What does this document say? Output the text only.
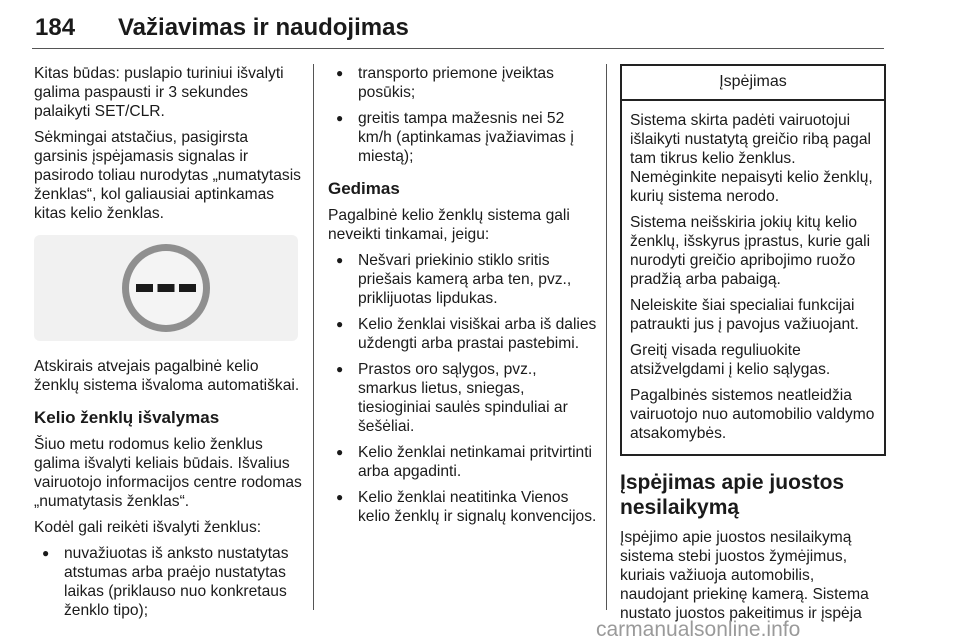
184 Važiavimas ir naudojimas

Kitas būdas: puslapio turiniui išvalyti galima paspausti ir 3 sekundes palaikyti SET/CLR.

Sėkmingai atstačius, pasigirsta garsinis įspėjamasis signalas ir pasirodo toliau nurodytas „numatytasis ženklas“, kol galiausiai aptinkamas kitas kelio ženklas.

Atskirais atvejais pagalbinė kelio ženklų sistema išvaloma automatiškai.

Kelio ženklų išvalymas

Šiuo metu rodomus kelio ženklus galima išvalyti keliais būdais. Išvalius vairuotojo informacijos centre rodomas „numatytasis ženklas“.

Kodėl gali reikėti išvalyti ženklus:

● nuvažiuotas iš anksto nustatytas atstumas arba praėjo nustatytas laikas (priklauso nuo konkretaus ženklo tipo);
● transporto priemone įveiktas posūkis;
● greitis tampa mažesnis nei 52 km/h (aptinkamas įvažiavimas į miestą);
Gedimas

Pagalbinė kelio ženklų sistema gali neveikti tinkamai, jeigu:

● Nešvari priekinio stiklo sritis priešais kamerą arba ten, pvz., priklijuotas lipdukas.
● Kelio ženklai visiškai arba iš dalies uždengti arba prastai pastebimi.
● Prastos oro sąlygos, pvz., smarkus lietus, sniegas, tiesioginiai saulės spinduliai ar šešėliai.
● Kelio ženklai netinkamai pritvirtinti arba apgadinti.
● Kelio ženklai neatitinka Vienos kelio ženklų ir signalų konvencijos.
Įspėjimas

Sistema skirta padėti vairuotojui išlaikyti nustatytą greičio ribą pagal tam tikrus kelio ženklus. Nemėginkite nepaisyti kelio ženklų, kurių sistema nerodo.

Sistema neišskiria jokių kitų kelio ženklų, išskyrus įprastus, kurie gali nurodyti greičio apribojimo ruožo pradžią arba pabaigą.

Neleiskite šiai specialiai funkcijai patraukti jus į pavojus važiuojant.

Greitį visada reguliuokite atsižvelgdami į kelio sąlygas.

Pagalbinės sistemos neatleidžia vairuotojo nuo automobilio valdymo atsakomybės.

Įspėjimas apie juostos nesilaikymą

Įspėjimo apie juostos nesilaikymą sistema stebi juostos žymėjimus, kuriais važiuoja automobilis, naudojant priekinę kamerą. Sistema nustato juostos pakeitimus ir įspėja

carmanualsonline.info
